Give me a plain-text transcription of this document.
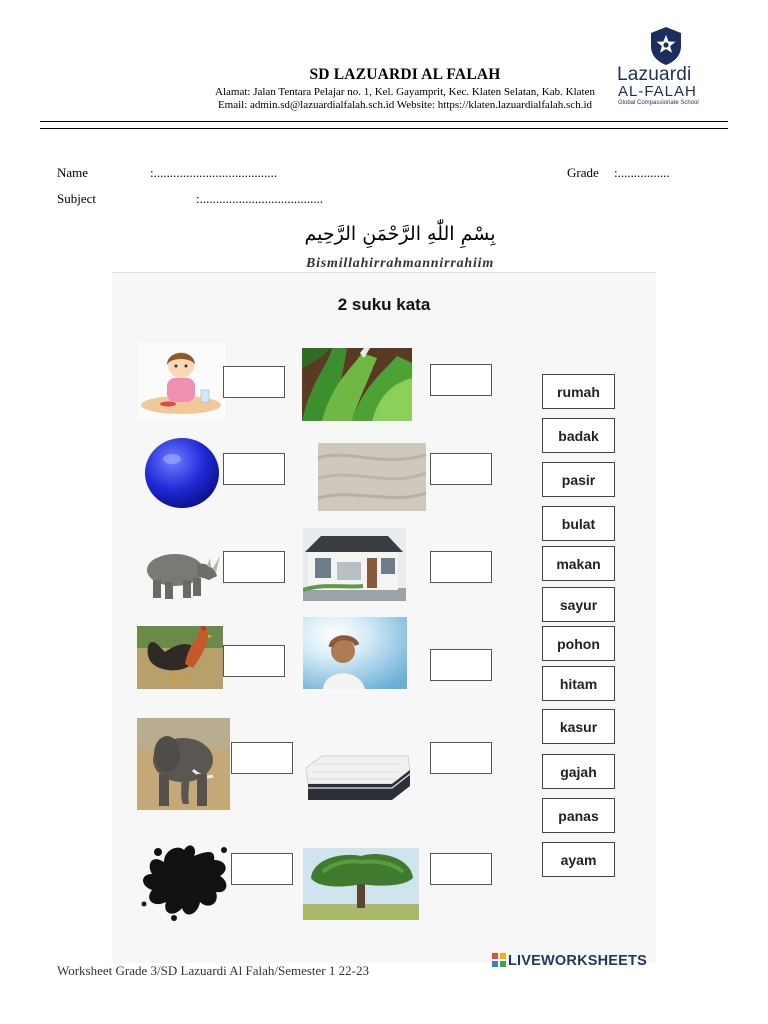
SD LAZUARDI AL FALAH
Alamat: Jalan Tentara Pelajar no. 1, Kel. Gayamprit, Kec. Klaten Selatan, Kab. Klaten
Email: admin.sd@lazuardialfalah.sch.id Website: https://klaten.lazuardialfalah.sch.id
Lazuardi
AL-FALAH
Global Compassionate School
Name	:......................................	Grade :................
Subject	:......................................
بِسْمِ اللّٰهِ الرَّحْمَنِ الرَّحِيم
Bismillahirrahmannirrahiim
2 suku kata
rumah
badak
pasir
bulat
makan
sayur
pohon
hitam
kasur
gajah
panas
ayam
Worksheet Grade 3/SD Lazuardi Al Falah/Semester 1 22-23
LIVEWORKSHEETS
